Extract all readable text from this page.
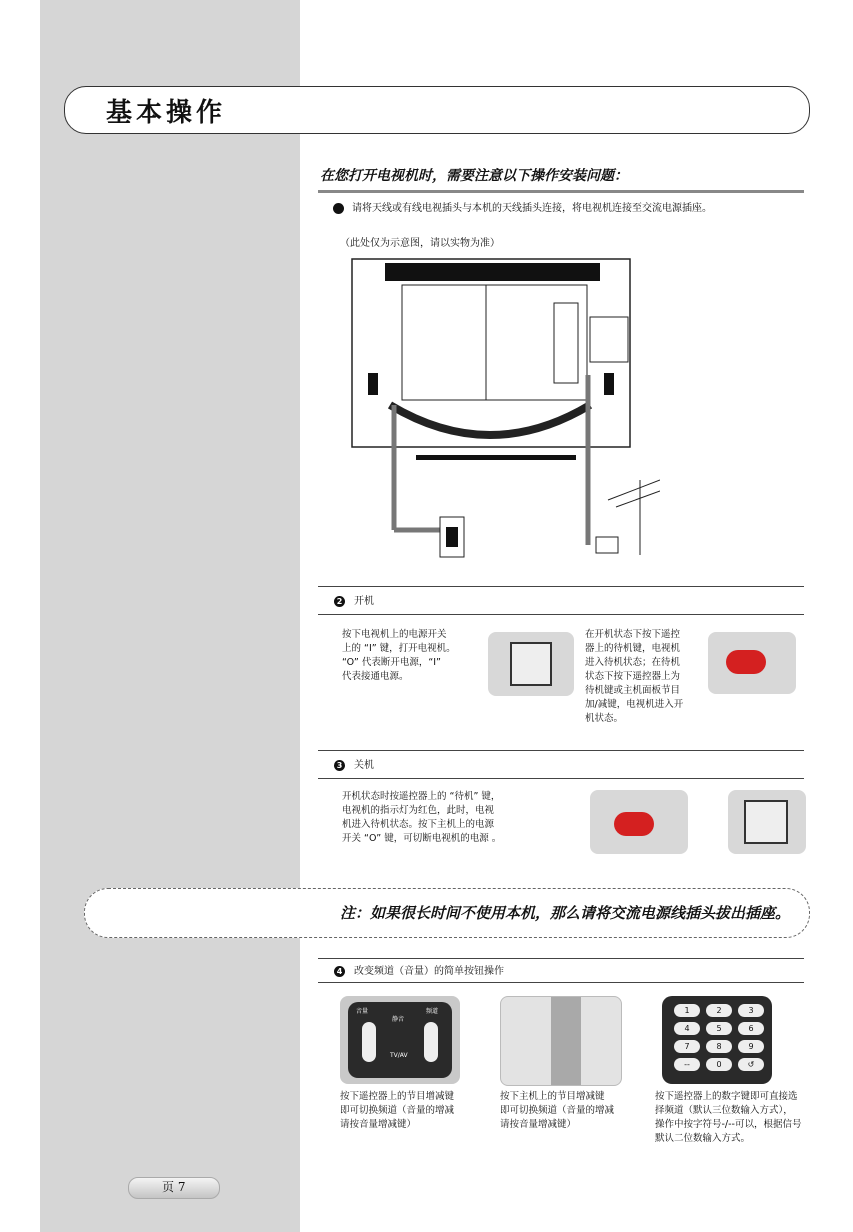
基本操作
在您打开电视机时，需要注意以下操作安装问题：
请将天线或有线电视插头与本机的天线插头连接，将电视机连接至交流电源插座。
（此处仅为示意图，请以实物为准）
2 开机
按下电视机上的电源开关
上的 “I” 键，打开电视机。
“O” 代表断开电源，“I”
代表接通电源。
在开机状态下按下遥控
器上的待机键，电视机
进入待机状态；在待机
状态下按下遥控器上为
待机键或主机面板节目
加/减键，电视机进入开
机状态。
3 关机
开机状态时按遥控器上的 “待机” 键，
电视机的指示灯为红色，此时，电视
机进入待机状态。按下主机上的电源
开关 “O” 键，可切断电视机的电源 。
注：如果很长时间不使用本机，那么请将交流电源线插头拔出插座。
4 改变频道（音量）的简单按钮操作
音量	频道
静音
TV/AV
1	2	3
4	5	6
7	8	9
--	0	↺
按下遥控器上的节目增减键
即可切换频道（音量的增减
请按音量增减键）
按下主机上的节目增减键
即可切换频道（音量的增减
请按音量增减键）
按下遥控器上的数字键即可直接选
择频道（默认三位数输入方式），
操作中按字符号-/--可以，根据信号
默认二位数输入方式。
页 7
